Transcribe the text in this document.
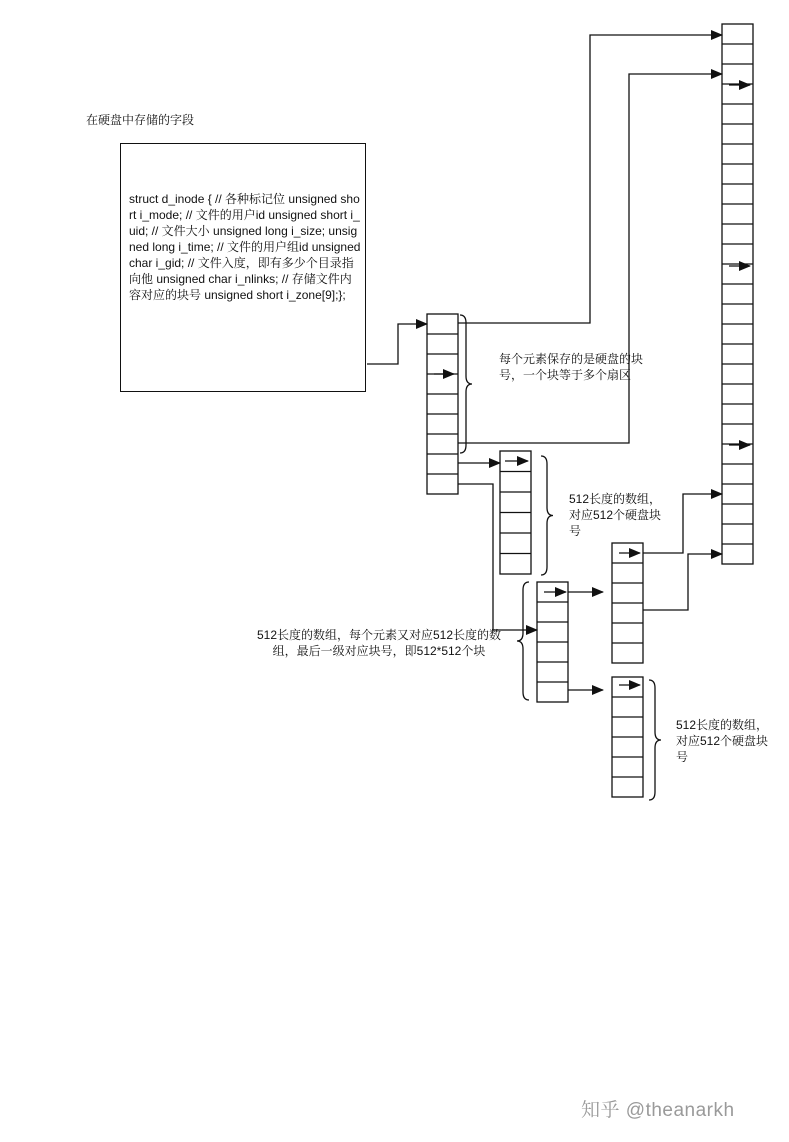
在硬盘中存储的字段
struct d_inode { // 各种标记位 unsigned short i_mode; // 文件的用户id unsigned short i_uid; // 文件大小 unsigned long i_size; unsigned long i_time; // 文件的用户组id unsigned char i_gid; // 文件入度，即有多少个目录指向他 unsigned char i_nlinks; // 存储文件内容对应的块号 unsigned short i_zone[9];};
每个元素保存的是硬盘的块号，一个块等于多个扇区
512长度的数组，对应512个硬盘块号
512长度的数组，对应512个硬盘块号
512长度的数组，每个元素又对应512长度的数组，最后一级对应块号，即512*512个块
知乎 @theanarkh
